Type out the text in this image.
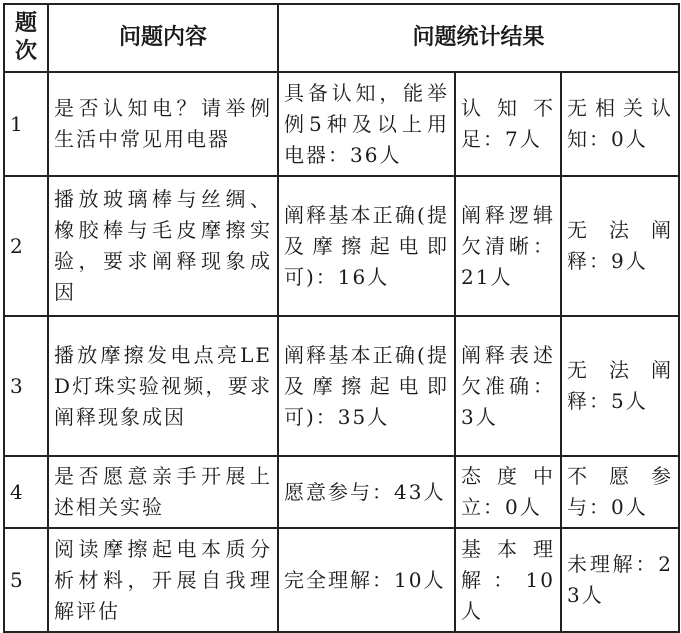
题次	问题内容	问题统计结果		
1	是否认知电？请举例生活中常见用电器	具备认知，能举例5种及以上用电器：36人	认知不足：7人	无相关认知：0人
2	播放玻璃棒与丝绸、橡胶棒与毛皮摩擦实验，要求阐释现象成因	阐释基本正确(提及摩擦起电即可)：16人	阐释逻辑欠清晰：21人	无法阐释：9人
3	播放摩擦发电点亮LED灯珠实验视频，要求阐释现象成因	阐释基本正确(提及摩擦起电即可)：35人	阐释表述欠准确：3人	无法阐释：5人
4	是否愿意亲手开展上述相关实验	愿意参与：43人	态度中立：0人	不愿参与：0人
5	阅读摩擦起电本质分析材料，开展自我理解评估	完全理解：10人	基本理解：10人	未理解：23人
